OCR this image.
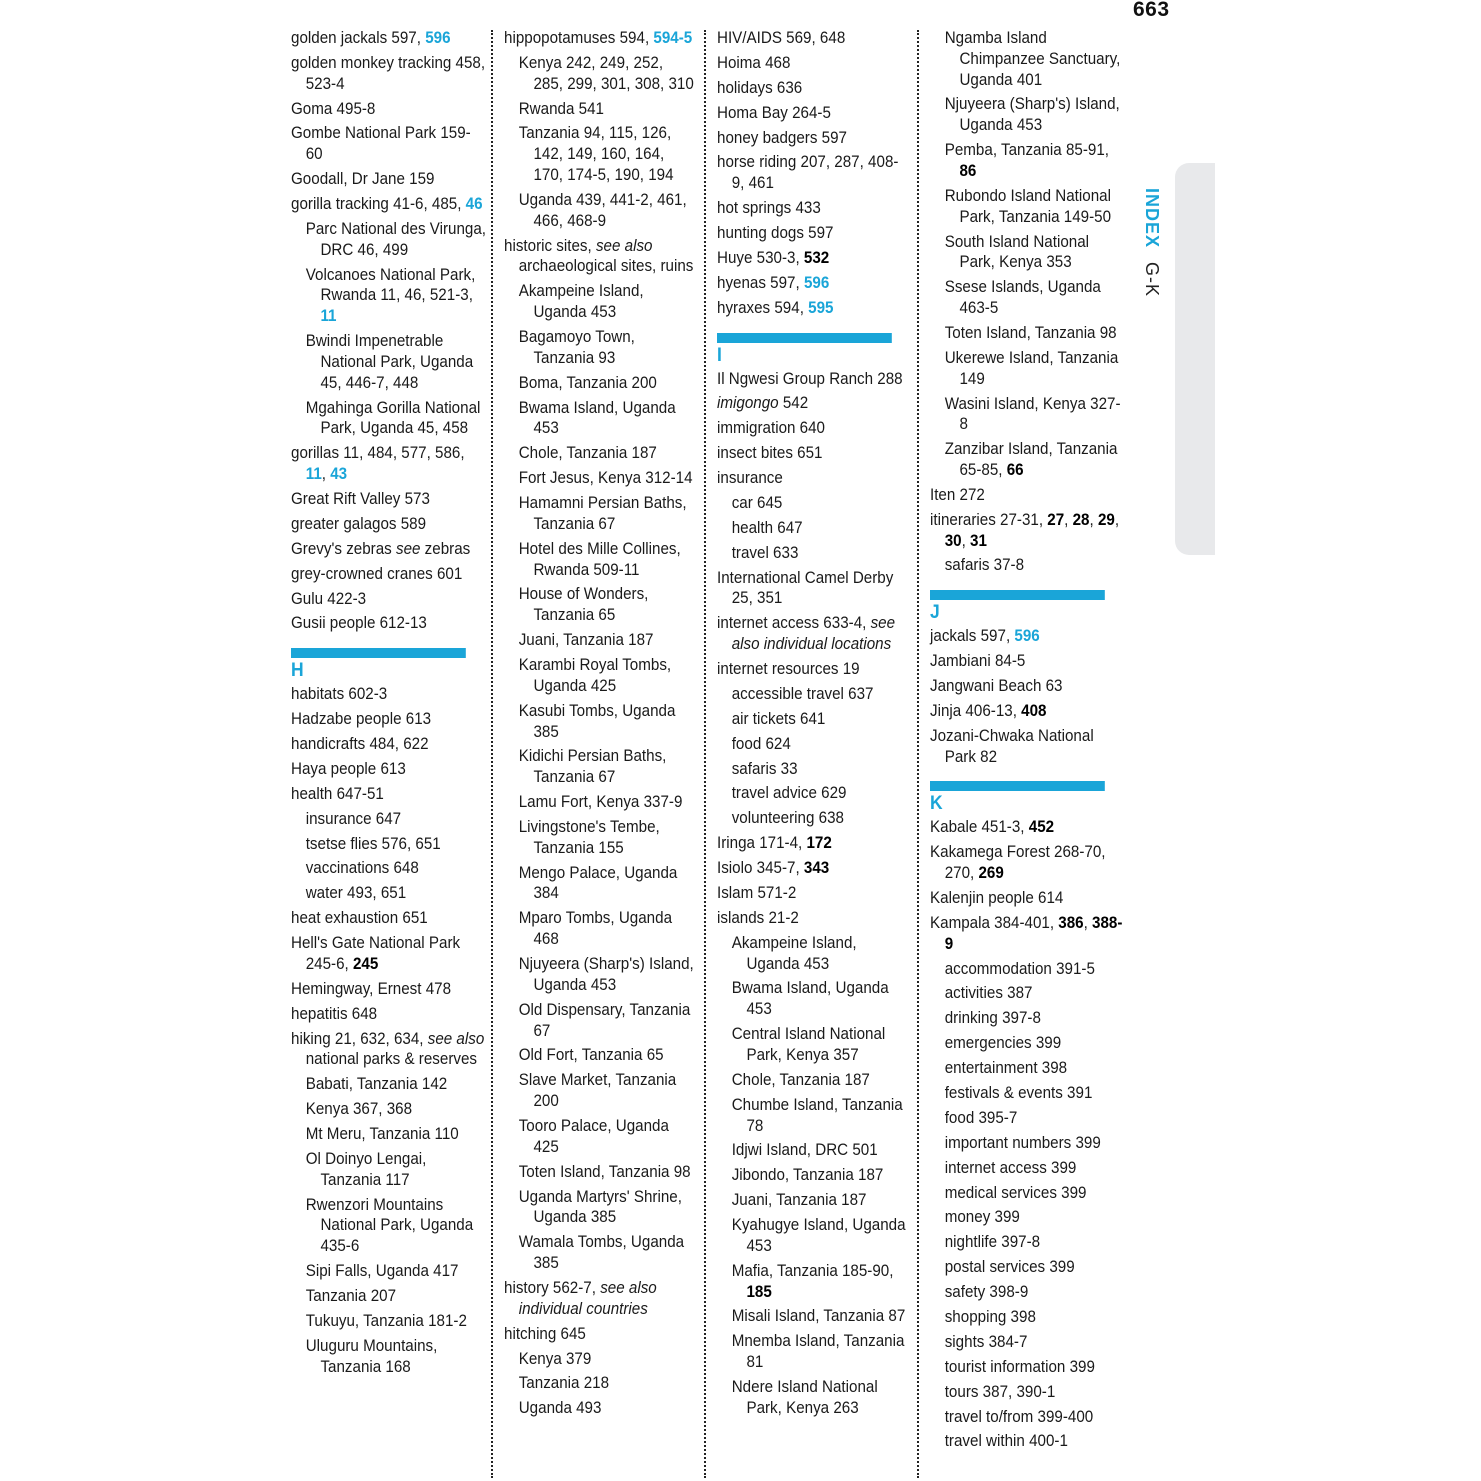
663
INDEX G-K
golden jackals 597, 596
golden monkey tracking 458, 523-4
Goma 495-8
Gombe National Park 159-60
Goodall, Dr Jane 159
gorilla tracking 41-6, 485, 46
Parc National des Virunga, DRC 46, 499
Volcanoes National Park, Rwanda 11, 46, 521-3, 11
Bwindi Impenetrable National Park, Uganda 45, 446-7, 448
Mgahinga Gorilla National Park, Uganda 45, 458
gorillas 11, 484, 577, 586, 11, 43
Great Rift Valley 573
greater galagos 589
Grevy's zebras see zebras
grey-crowned cranes 601
Gulu 422-3
Gusii people 612-13
H
habitats 602-3
Hadzabe people 613
handicrafts 484, 622
Haya people 613
health 647-51
insurance 647
tsetse flies 576, 651
vaccinations 648
water 493, 651
heat exhaustion 651
Hell's Gate National Park 245-6, 245
Hemingway, Ernest 478
hepatitis 648
hiking 21, 632, 634, see also national parks & reserves
Babati, Tanzania 142
Kenya 367, 368
Mt Meru, Tanzania 110
Ol Doinyo Lengai, Tanzania 117
Rwenzori Mountains National Park, Uganda 435-6
Sipi Falls, Uganda 417
Tanzania 207
Tukuyu, Tanzania 181-2
Uluguru Mountains, Tanzania 168
hippopotamuses 594, 594-5
Kenya 242, 249, 252, 285, 299, 301, 308, 310
Rwanda 541
Tanzania 94, 115, 126, 142, 149, 160, 164, 170, 174-5, 190, 194
Uganda 439, 441-2, 461, 466, 468-9
historic sites, see also archaeological sites, ruins
Akampeine Island, Uganda 453
Bagamoyo Town, Tanzania 93
Boma, Tanzania 200
Bwama Island, Uganda 453
Chole, Tanzania 187
Fort Jesus, Kenya 312-14
Hamamni Persian Baths, Tanzania 67
Hotel des Mille Collines, Rwanda 509-11
House of Wonders, Tanzania 65
Juani, Tanzania 187
Karambi Royal Tombs, Uganda 425
Kasubi Tombs, Uganda 385
Kidichi Persian Baths, Tanzania 67
Lamu Fort, Kenya 337-9
Livingstone's Tembe, Tanzania 155
Mengo Palace, Uganda 384
Mparo Tombs, Uganda 468
Njuyeera (Sharp's) Island, Uganda 453
Old Dispensary, Tanzania 67
Old Fort, Tanzania 65
Slave Market, Tanzania 200
Tooro Palace, Uganda 425
Toten Island, Tanzania 98
Uganda Martyrs' Shrine, Uganda 385
Wamala Tombs, Uganda 385
history 562-7, see also individual countries
hitching 645
Kenya 379
Tanzania 218
Uganda 493
HIV/AIDS 569, 648
Hoima 468
holidays 636
Homa Bay 264-5
honey badgers 597
horse riding 207, 287, 408-9, 461
hot springs 433
hunting dogs 597
Huye 530-3, 532
hyenas 597, 596
hyraxes 594, 595
I
Il Ngwesi Group Ranch 288
imigongo 542
immigration 640
insect bites 651
insurance
car 645
health 647
travel 633
International Camel Derby 25, 351
internet access 633-4, see also individual locations
internet resources 19
accessible travel 637
air tickets 641
food 624
safaris 33
travel advice 629
volunteering 638
Iringa 171-4, 172
Isiolo 345-7, 343
Islam 571-2
islands 21-2
Akampeine Island, Uganda 453
Bwama Island, Uganda 453
Central Island National Park, Kenya 357
Chole, Tanzania 187
Chumbe Island, Tanzania 78
Idjwi Island, DRC 501
Jibondo, Tanzania 187
Juani, Tanzania 187
Kyahugye Island, Uganda 453
Mafia, Tanzania 185-90, 185
Misali Island, Tanzania 87
Mnemba Island, Tanzania 81
Ndere Island National Park, Kenya 263
Ngamba Island Chimpanzee Sanctuary, Uganda 401
Njuyeera (Sharp's) Island, Uganda 453
Pemba, Tanzania 85-91, 86
Rubondo Island National Park, Tanzania 149-50
South Island National Park, Kenya 353
Ssese Islands, Uganda 463-5
Toten Island, Tanzania 98
Ukerewe Island, Tanzania 149
Wasini Island, Kenya 327-8
Zanzibar Island, Tanzania 65-85, 66
Iten 272
itineraries 27-31, 27, 28, 29, 30, 31
safaris 37-8
J
jackals 597, 596
Jambiani 84-5
Jangwani Beach 63
Jinja 406-13, 408
Jozani-Chwaka National Park 82
K
Kabale 451-3, 452
Kakamega Forest 268-70, 270, 269
Kalenjin people 614
Kampala 384-401, 386, 388-9
accommodation 391-5
activities 387
drinking 397-8
emergencies 399
entertainment 398
festivals & events 391
food 395-7
important numbers 399
internet access 399
medical services 399
money 399
nightlife 397-8
postal services 399
safety 398-9
shopping 398
sights 384-7
tourist information 399
tours 387, 390-1
travel to/from 399-400
travel within 400-1
